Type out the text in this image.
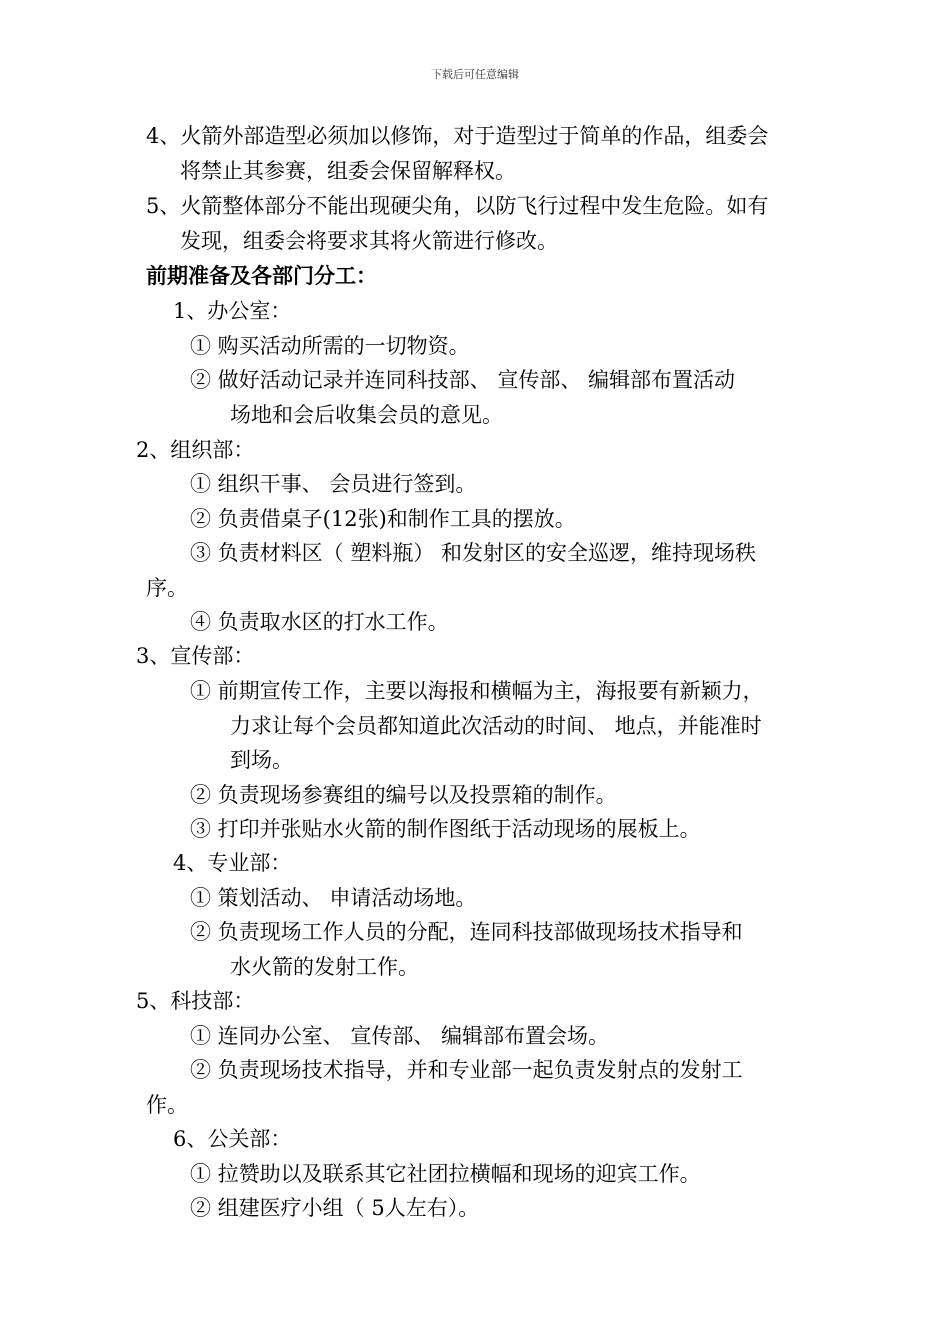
下载后可任意编辑
4、火箭外部造型必须加以修饰，对于造型过于简单的作品，组委会
将禁止其参赛，组委会保留解释权。
5、火箭整体部分不能出现硬尖角，以防飞行过程中发生危险。如有
发现，组委会将要求其将火箭进行修改。
前期准备及各部门分工：
1、办公室：
① 购买活动所需的一切物资。
② 做好活动记录并连同科技部、 宣传部、 编辑部布置活动
场地和会后收集会员的意见。
2、组织部：
① 组织干事、 会员进行签到。
② 负责借桌子(12张)和制作工具的摆放。
③ 负责材料区（ 塑料瓶） 和发射区的安全巡逻，维持现场秩
序。
④ 负责取水区的打水工作。
3、宣传部：
① 前期宣传工作，主要以海报和横幅为主，海报要有新颖力，
力求让每个会员都知道此次活动的时间、 地点，并能准时
到场。
② 负责现场参赛组的编号以及投票箱的制作。
③ 打印并张贴水火箭的制作图纸于活动现场的展板上。
4、专业部：
① 策划活动、 申请活动场地。
② 负责现场工作人员的分配，连同科技部做现场技术指导和
水火箭的发射工作。
5、科技部：
① 连同办公室、 宣传部、 编辑部布置会场。
② 负责现场技术指导，并和专业部一起负责发射点的发射工
作。
6、公关部：
① 拉赞助以及联系其它社团拉横幅和现场的迎宾工作。
② 组建医疗小组（ 5人左右）。
